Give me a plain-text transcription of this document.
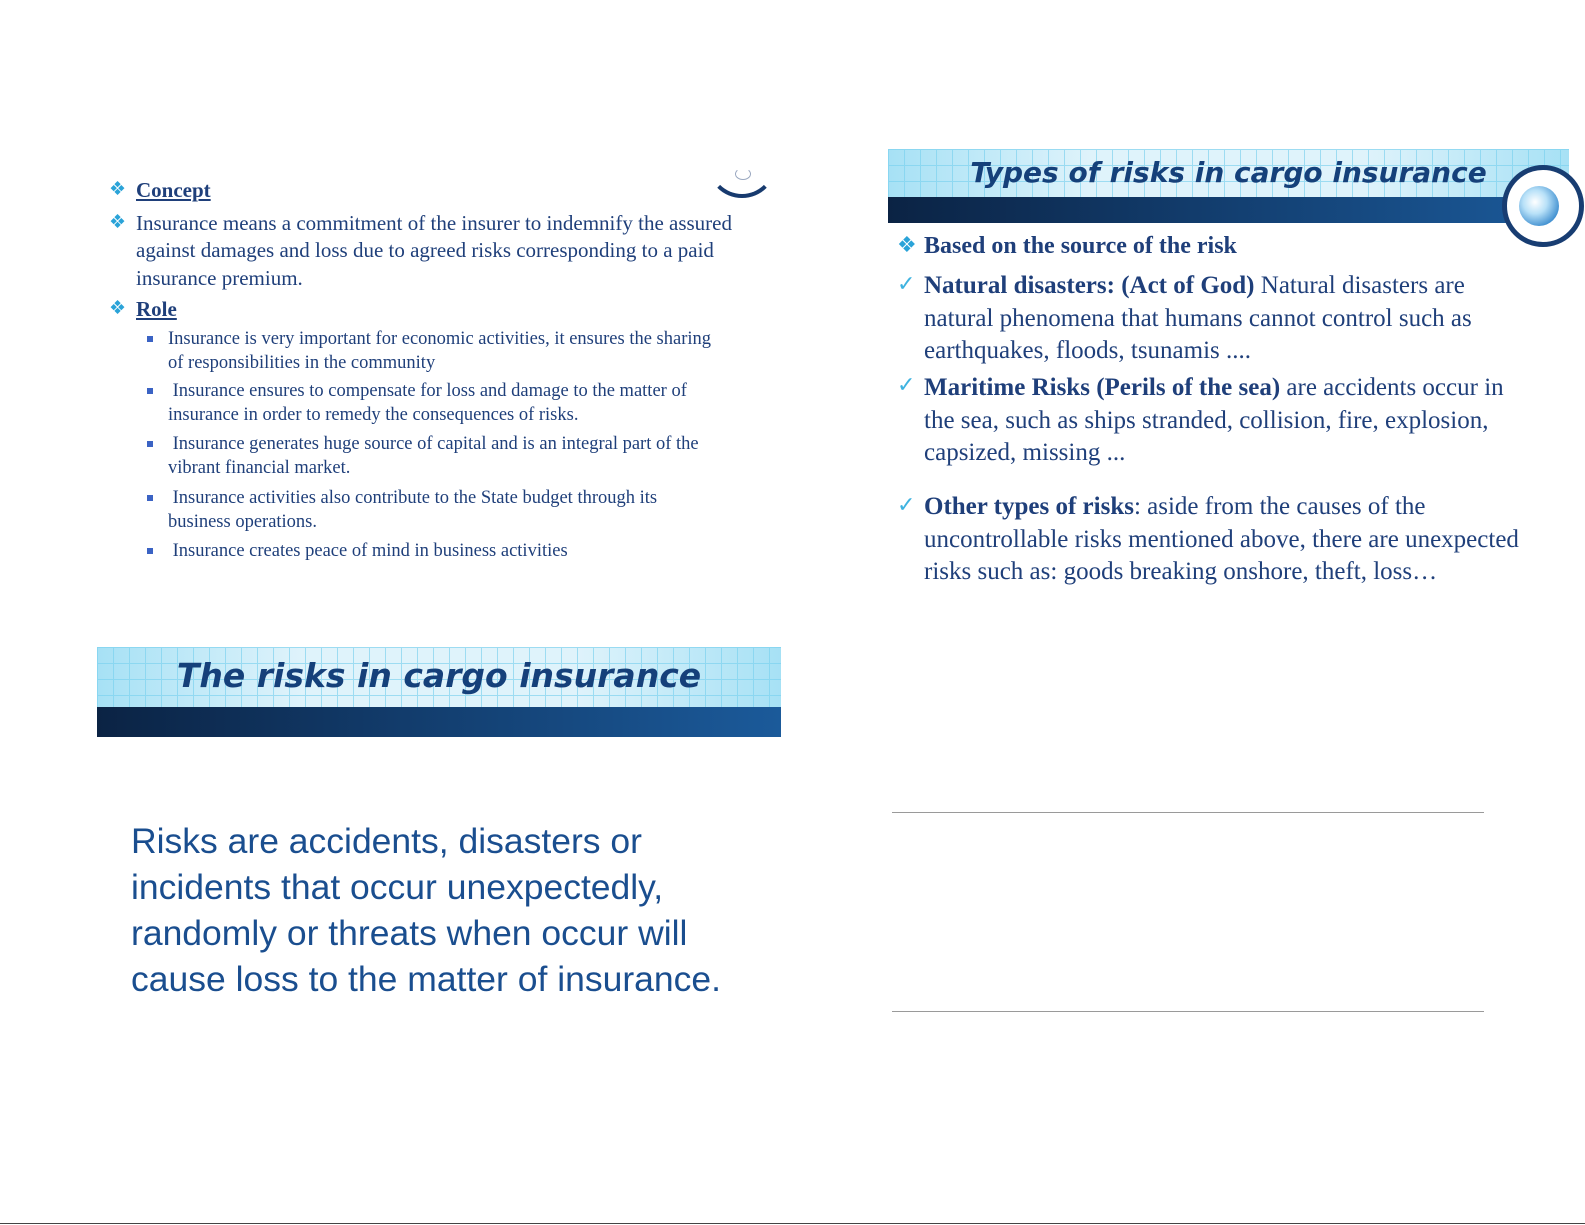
❖ Concept
❖ Insurance means a commitment of the insurer to indemnify the assured
against damages and loss due to agreed risks corresponding to a paid
insurance premium.
❖ Role
Insurance is very important for economic activities, it ensures the sharing
of responsibilities in the community
Insurance ensures to compensate for loss and damage to the matter of
insurance in order to remedy the consequences of risks.
Insurance generates huge source of capital and is an integral part of the
vibrant financial market.
Insurance activities also contribute to the State budget through its
business operations.
Insurance creates peace of mind in business activities
Types of risks in cargo insurance
❖ Based on the source of the risk
✓ Natural disasters: (Act of God) Natural disasters are
natural phenomena that humans cannot control such as
earthquakes, floods, tsunamis ....
✓ Maritime Risks (Perils of the sea) are accidents occur in
the sea, such as ships stranded, collision, fire, explosion,
capsized, missing ...
✓ Other types of risks: aside from the causes of the
uncontrollable risks mentioned above, there are unexpected
risks such as: goods breaking onshore, theft, loss…
The risks in cargo insurance
Risks are accidents, disasters or
incidents that occur unexpectedly,
randomly or threats when occur will
cause loss to the matter of insurance.
